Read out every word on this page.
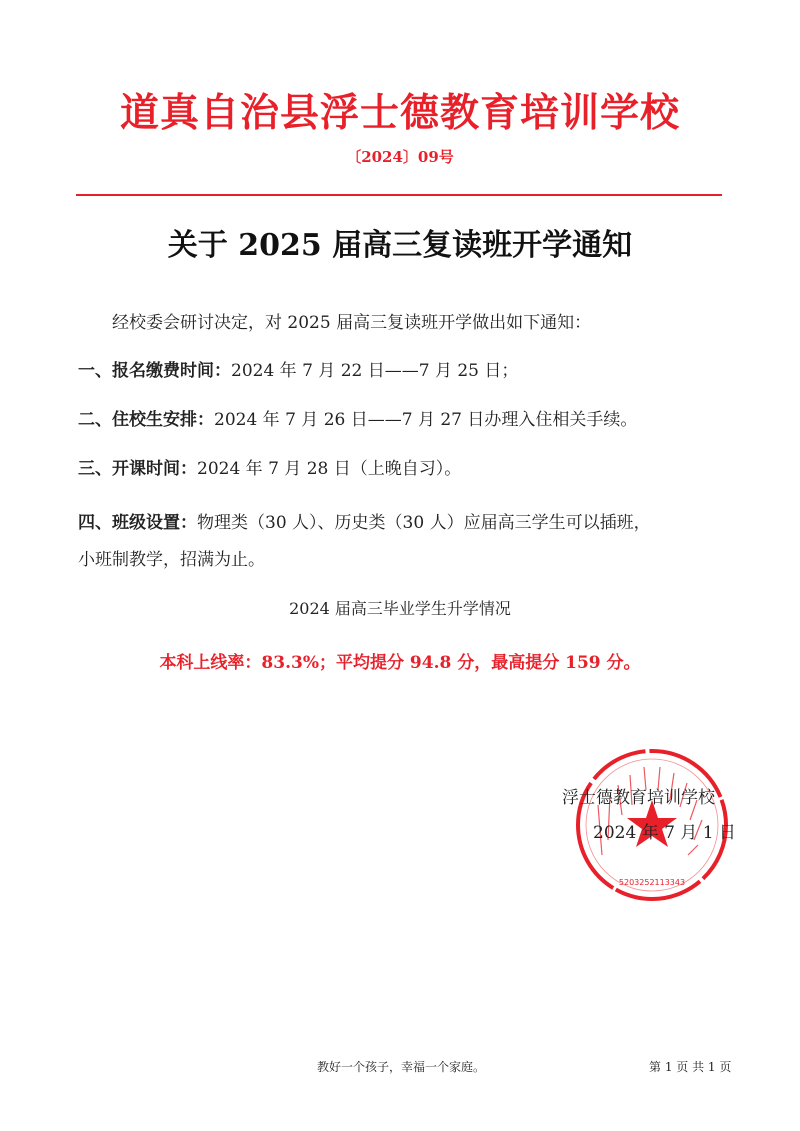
道真自治县浮士德教育培训学校
〔2024〕09号
关于 2025 届高三复读班开学通知
经校委会研讨决定，对 2025 届高三复读班开学做出如下通知：
一、报名缴费时间：2024 年 7 月 22 日——7 月 25 日；
二、住校生安排：2024 年 7 月 26 日——7 月 27 日办理入住相关手续。
三、开课时间：2024 年 7 月 28 日（上晚自习）。
四、班级设置：物理类（30 人）、历史类（30 人）应届高三学生可以插班，
小班制教学，招满为止。
2024 届高三毕业学生升学情况
本科上线率：83.3%；平均提分 94.8 分，最高提分 159 分。
5203252113343
浮士德教育培训学校
2024 年 7 月 1 日
教好一个孩子，幸福一个家庭。	第 1 页 共 1 页
